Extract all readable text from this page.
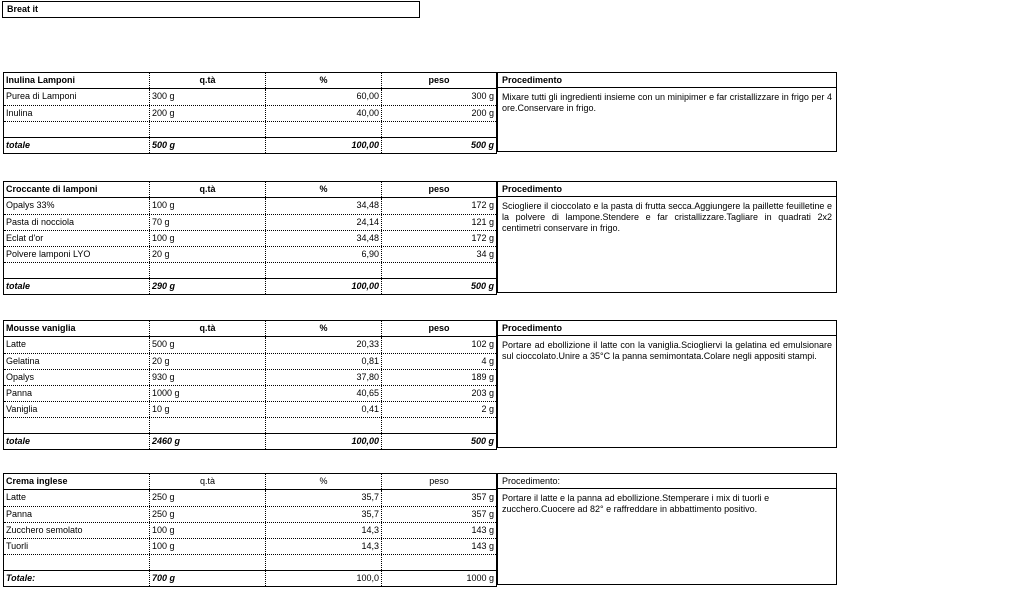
Breat it
Inulina Lamponi	q.tà	%	peso
Purea di Lamponi	300 g	60,00	300 g
Inulina	200 g	40,00	200 g
totale	500 g	100,00	500 g
Procedimento
Mixare tutti gli ingredienti insieme con un minipimer e far cristallizzare in frigo per 4 ore.Conservare in frigo.
Croccante di lamponi	q.tà	%	peso
Opalys 33%	100 g	34,48	172 g
Pasta di nocciola	70 g	24,14	121 g
Eclat d'or	100 g	34,48	172 g
Polvere lamponi LYO	20 g	6,90	34 g
totale	290 g	100,00	500 g
Procedimento
Sciogliere il cioccolato e la pasta di frutta secca.Aggiungere la paillette feuilletine e la polvere di lampone.Stendere e far cristallizzare.Tagliare in quadrati 2x2 centimetri conservare in frigo.
Mousse vaniglia	q.tà	%	peso
Latte	500 g	20,33	102 g
Gelatina	20 g	0,81	4 g
Opalys	930 g	37,80	189 g
Panna	1000 g	40,65	203 g
Vaniglia	10 g	0,41	2 g
totale	2460 g	100,00	500 g
Procedimento
Portare ad ebollizione il latte con la vaniglia.Sciogliervi la gelatina ed emulsionare sul cioccolato.Unire a 35°C la panna semimontata.Colare negli appositi stampi.
Crema inglese	q.tà	%	peso
Latte	250 g	35,7	357 g
Panna	250 g	35,7	357 g
Zucchero semolato	100 g	14,3	143 g
Tuorli	100 g	14,3	143 g
Totale:	700 g	100,0	1000 g
Procedimento:
Portare il latte e la panna ad ebollizione.Stemperare i mix di tuorli e zucchero.Cuocere ad 82° e raffreddare in abbattimento positivo.
